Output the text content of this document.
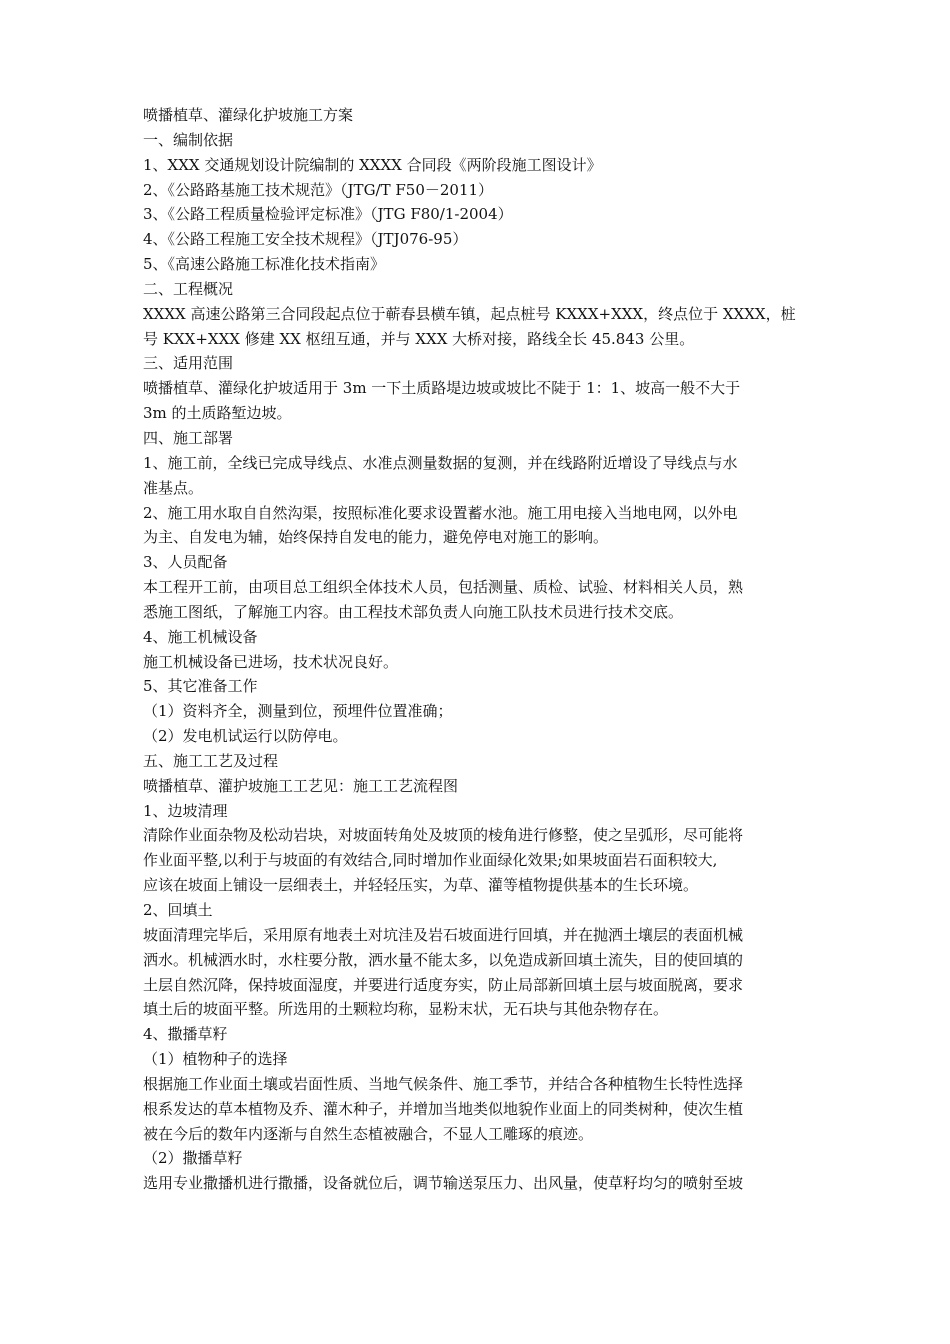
喷播植草、灌绿化护坡施工方案
一、编制依据
1、XXX 交通规划设计院编制的 XXXX 合同段《两阶段施工图设计》
2、《公路路基施工技术规范》（JTG/T F50－2011）
3、《公路工程质量检验评定标准》（JTG F80/1-2004）
4、《公路工程施工安全技术规程》（JTJ076-95）
5、《高速公路施工标准化技术指南》
二、工程概况
XXXX 高速公路第三合同段起点位于蕲春县横车镇，起点桩号 KXXX+XXX，终点位于 XXXX，桩
号 KXX+XXX 修建 XX 枢纽互通，并与 XXX 大桥对接，路线全长 45.843 公里。
三、适用范围
喷播植草、灌绿化护坡适用于 3m 一下土质路堤边坡或坡比不陡于 1：1、坡高一般不大于
3m 的土质路堑边坡。
四、施工部署
1、施工前，全线已完成导线点、水准点测量数据的复测，并在线路附近增设了导线点与水
准基点。
2、施工用水取自自然沟渠，按照标准化要求设置蓄水池。施工用电接入当地电网，以外电
为主、自发电为辅，始终保持自发电的能力，避免停电对施工的影响。
3、人员配备
本工程开工前，由项目总工组织全体技术人员，包括测量、质检、试验、材料相关人员，熟
悉施工图纸，了解施工内容。由工程技术部负责人向施工队技术员进行技术交底。
4、施工机械设备
施工机械设备已进场，技术状况良好。
5、其它准备工作
（1）资料齐全，测量到位，预埋件位置准确；
（2）发电机试运行以防停电。
五、施工工艺及过程
喷播植草、灌护坡施工工艺见：施工工艺流程图
1、边坡清理
清除作业面杂物及松动岩块，对坡面转角处及坡顶的棱角进行修整，使之呈弧形，尽可能将
作业面平整,以利于与坡面的有效结合,同时增加作业面绿化效果;如果坡面岩石面积较大,
应该在坡面上铺设一层细表土，并轻轻压实，为草、灌等植物提供基本的生长环境。
2、回填土
坡面清理完毕后，采用原有地表土对坑洼及岩石坡面进行回填，并在抛洒土壤层的表面机械
洒水。机械洒水时，水柱要分散，洒水量不能太多，以免造成新回填土流失，目的使回填的
土层自然沉降，保持坡面湿度，并要进行适度夯实，防止局部新回填土层与坡面脱离，要求
填土后的坡面平整。所选用的土颗粒均称，显粉末状，无石块与其他杂物存在。
4、撒播草籽
（1）植物种子的选择
根据施工作业面土壤或岩面性质、当地气候条件、施工季节，并结合各种植物生长特性选择
根系发达的草本植物及乔、灌木种子，并增加当地类似地貌作业面上的同类树种，使次生植
被在今后的数年内逐渐与自然生态植被融合，不显人工雕琢的痕迹。
（2）撒播草籽
选用专业撒播机进行撒播，设备就位后，调节输送泵压力、出风量，使草籽均匀的喷射至坡
